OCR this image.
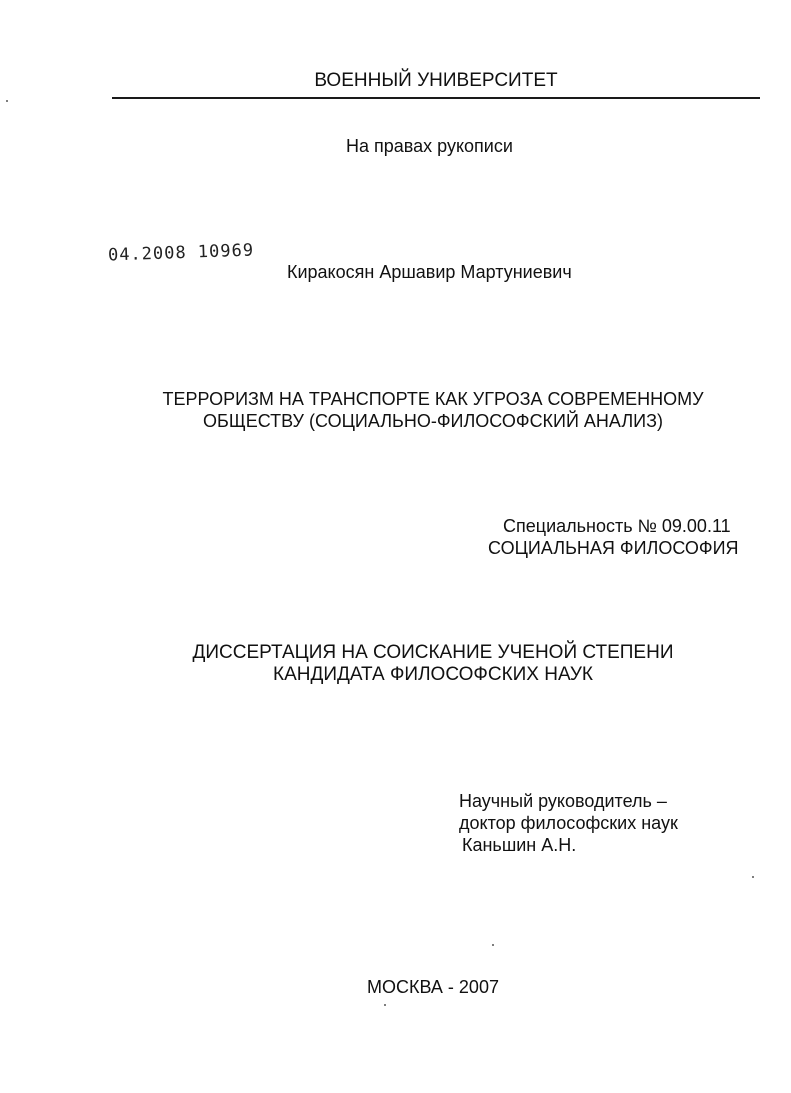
ВОЕННЫЙ УНИВЕРСИТЕТ
На правах рукописи
04.2008 10969
Киракосян Аршавир Мартуниевич
ТЕРРОРИЗМ НА ТРАНСПОРТЕ КАК УГРОЗА СОВРЕМЕННОМУ
ОБЩЕСТВУ (СОЦИАЛЬНО-ФИЛОСОФСКИЙ АНАЛИЗ)
Специальность № 09.00.11
СОЦИАЛЬНАЯ ФИЛОСОФИЯ
ДИССЕРТАЦИЯ НА СОИСКАНИЕ УЧЕНОЙ СТЕПЕНИ
КАНДИДАТА ФИЛОСОФСКИХ НАУК
Научный руководитель –
доктор философских наук
Каньшин А.Н.
МОСКВА - 2007
